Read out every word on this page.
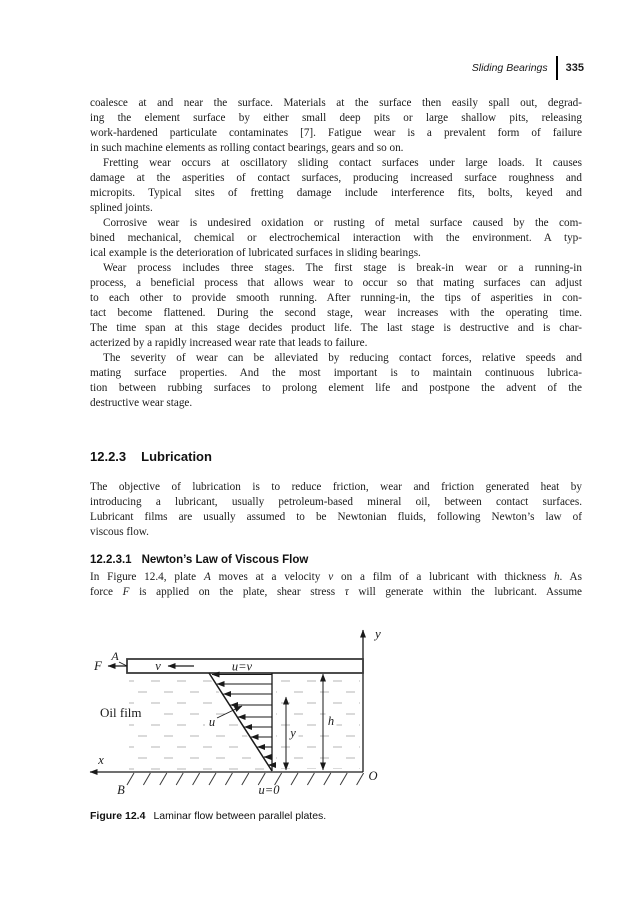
Sliding Bearings 335
coalesce at and near the surface. Materials at the surface then easily spall out, degrad-
ing the element surface by either small deep pits or large shallow pits, releasing
work-hardened particulate contaminates [7]. Fatigue wear is a prevalent form of failure
in such machine elements as rolling contact bearings, gears and so on.
Fretting wear occurs at oscillatory sliding contact surfaces under large loads. It causes
damage at the asperities of contact surfaces, producing increased surface roughness and
micropits. Typical sites of fretting damage include interference fits, bolts, keyed and
splined joints.
Corrosive wear is undesired oxidation or rusting of metal surface caused by the com-
bined mechanical, chemical or electrochemical interaction with the environment. A typ-
ical example is the deterioration of lubricated surfaces in sliding bearings.
Wear process includes three stages. The first stage is break-in wear or a running-in
process, a beneficial process that allows wear to occur so that mating surfaces can adjust
to each other to provide smooth running. After running-in, the tips of asperities in con-
tact become flattened. During the second stage, wear increases with the operating time.
The time span at this stage decides product life. The last stage is destructive and is char-
acterized by a rapidly increased wear rate that leads to failure.
The severity of wear can be alleviated by reducing contact forces, relative speeds and
mating surface properties. And the most important is to maintain continuous lubrica-
tion between rubbing surfaces to prolong element life and postpone the advent of the
destructive wear stage.
12.2.3 Lubrication
The objective of lubrication is to reduce friction, wear and friction generated heat by
introducing a lubricant, usually petroleum-based mineral oil, between contact surfaces.
Lubricant films are usually assumed to be Newtonian fluids, following Newton’s law of
viscous flow.
12.2.3.1 Newton’s Law of Viscous Flow
In Figure 12.4, plate A moves at a velocity v on a film of a lubricant with thickness h. As
force F is applied on the plate, shear stress τ will generate within the lubricant. Assume
y
F
A
v	u=v
Oil film
u
y
h
x
B	u=0
O
Figure 12.4 Laminar flow between parallel plates.
